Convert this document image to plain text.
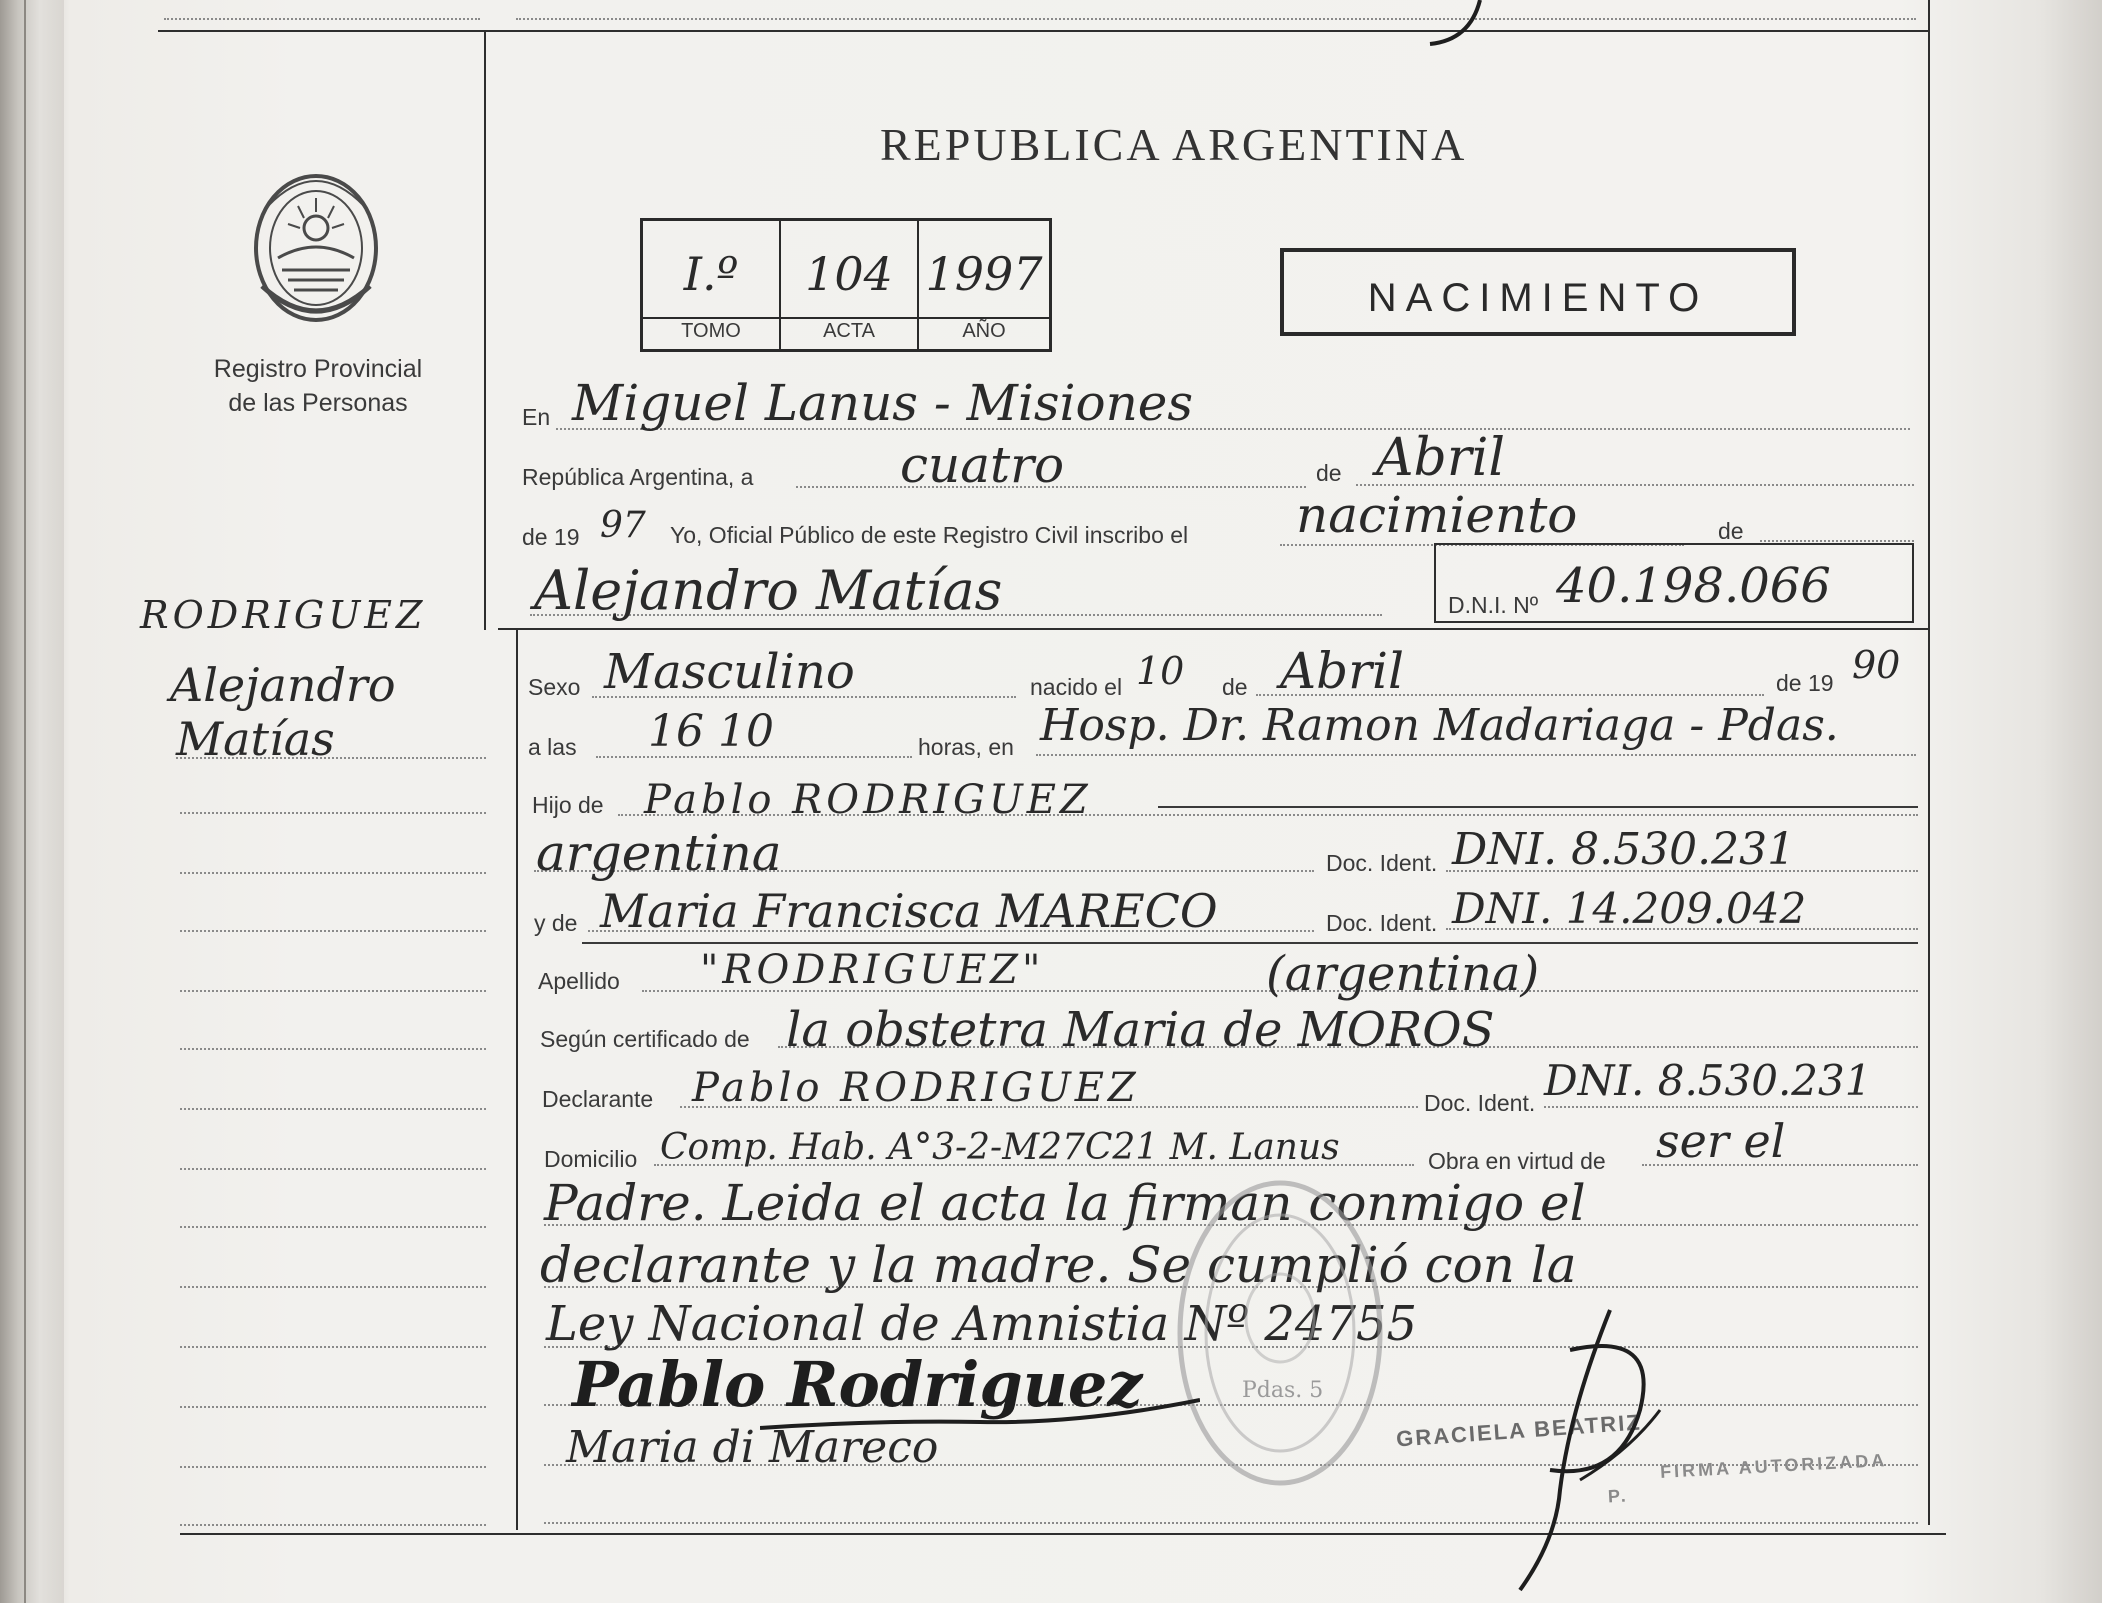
REPUBLICA ARGENTINA
I.º
TOMO
104
ACTA
1997
AÑO
NACIMIENTO
Registro Provincial
de las Personas
RODRIGUEZ
Alejandro
Matías
En Miguel Lanus - Misiones
República Argentina, a	cuatro	de Abril
de 19 97 Yo, Oficial Público de este Registro Civil inscribo el nacimiento	de
Alejandro Matías	D.N.I. Nº 40.198.066
Sexo Masculino	nacido el 10 de Abril	de 19 90
a las 16 10	horas, en Hosp. Dr. Ramon Madariaga - Pdas.
Hijo de Pablo RODRIGUEZ
argentina	Doc. Ident. DNI. 8.530.231
y de Maria Francisca MARECO	Doc. Ident. DNI. 14.209.042
Apellido "RODRIGUEZ"	(argentina)
Según certificado de la obstetra Maria de MOROS
Declarante Pablo RODRIGUEZ	Doc. Ident. DNI. 8.530.231
Domicilio Comp. Hab. A°3-2-M27C21 M. Lanus	Obra en virtud de ser el
Padre. Leida el acta la firman conmigo el
declarante y la madre. Se cumplió con la
Ley Nacional de Amnistia Nº 24755
Pdas. 5
Pablo Rodriguez
Maria di Mareco	GRACIELA BEATRIZ
FIRMA AUTORIZADA
P.
